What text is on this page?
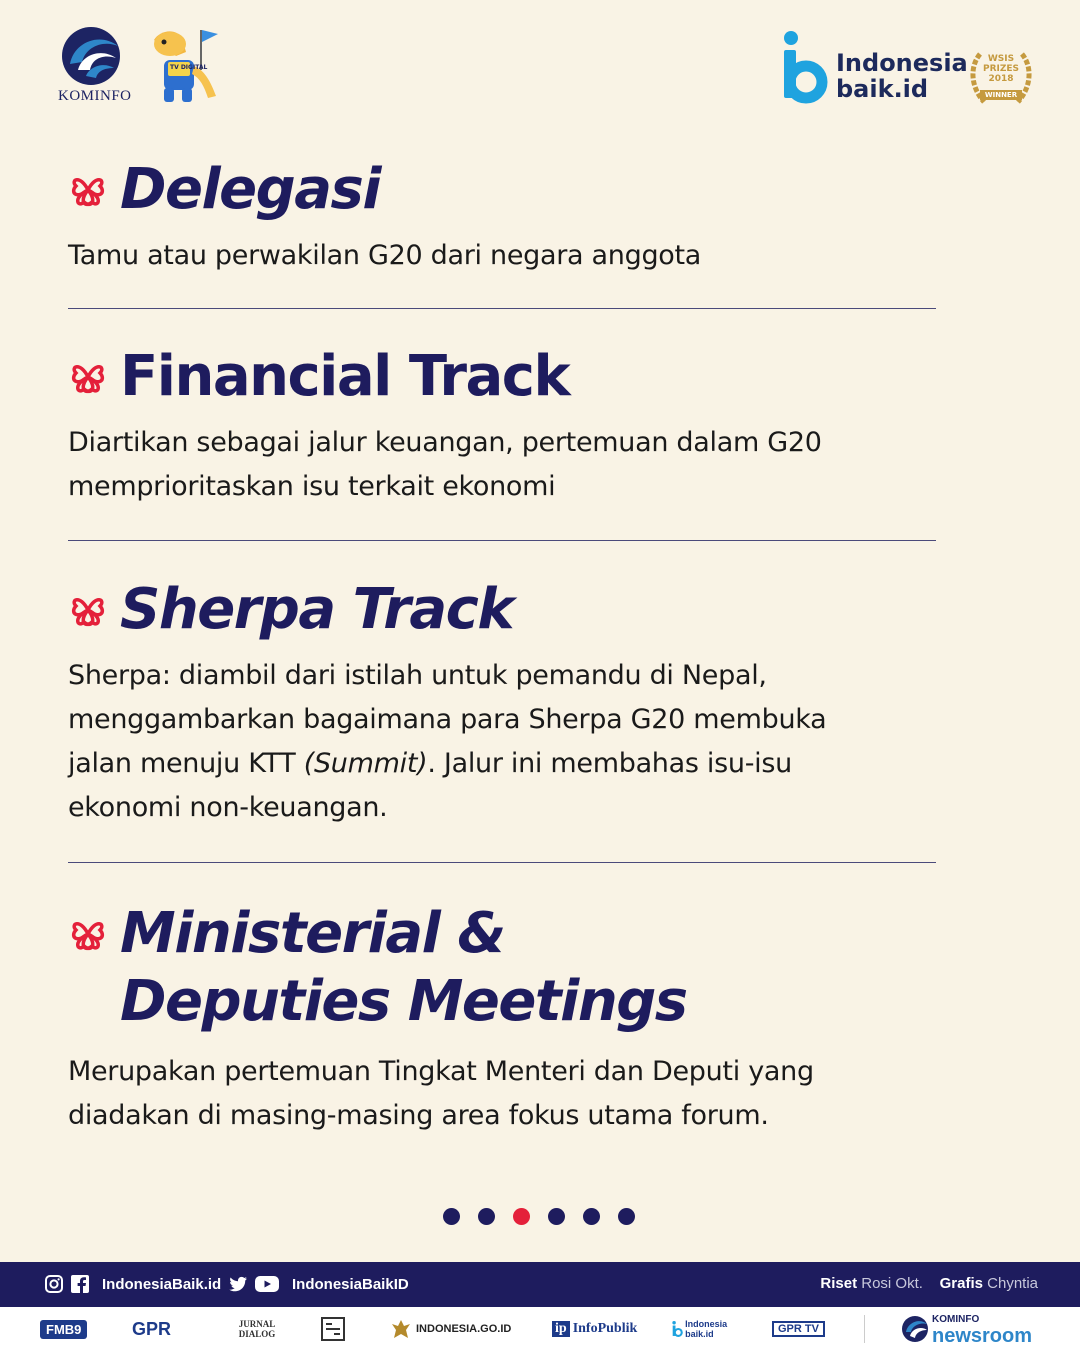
KOMINFO
TV DIGITAL	Indonesia
baik.id
WSIS
PRIZES
2018
WINNER
Delegasi
Tamu atau perwakilan G20 dari negara anggota
Financial Track
Diartikan sebagai jalur keuangan, pertemuan dalam G20
memprioritaskan isu terkait ekonomi
Sherpa Track
Sherpa: diambil dari istilah untuk pemandu di Nepal,
menggambarkan bagaimana para Sherpa G20 membuka
jalan menuju KTT (Summit). Jalur ini membahas isu-isu
ekonomi non-keuangan.
Ministerial &
Deputies Meetings
Merupakan pertemuan Tingkat Menteri dan Deputi yang
diadakan di masing-masing area fokus utama forum.
IndonesiaBaik.id	IndonesiaBaikID	Riset Rosi Okt. Grafis Chyntia
FMB9	GPR	JURNAL DIALOG	INDONESIA.GO.ID	ip InfoPublik	Indonesia baik.id	GPR TV
KOMINFO
newsroom
